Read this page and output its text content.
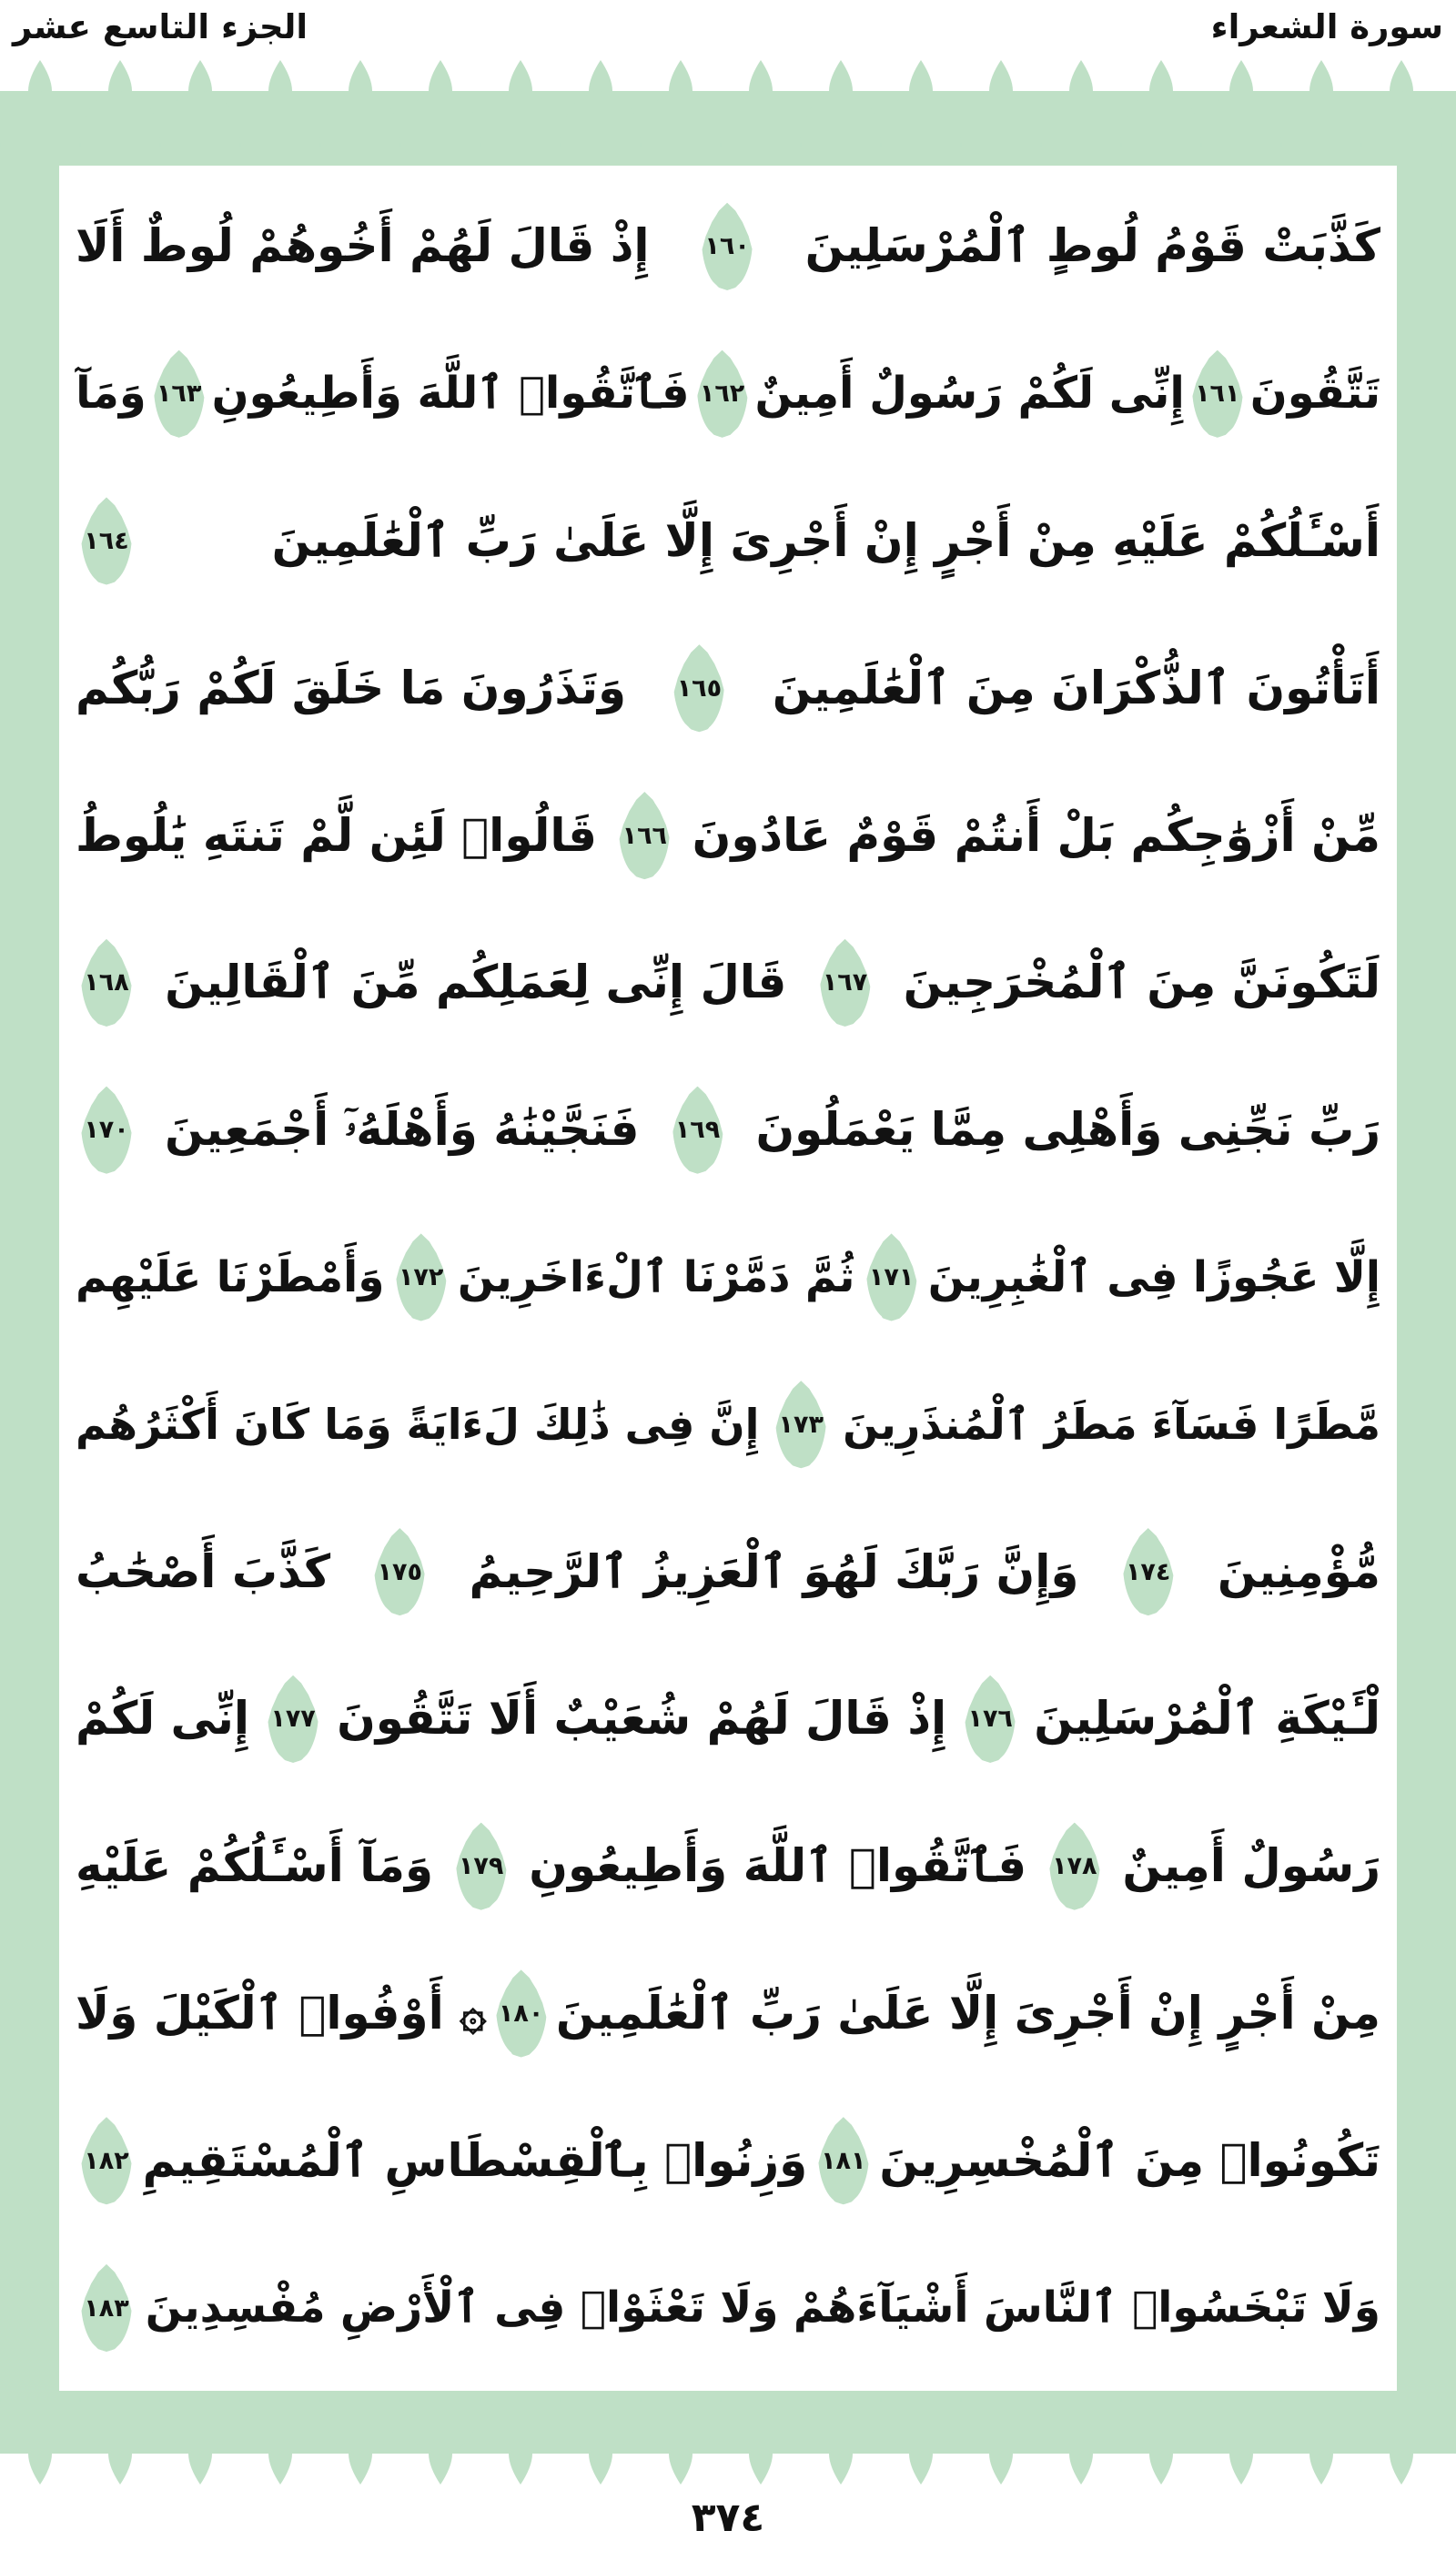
سورة الشعراء
الجزء التاسع عشر
كَذَّبَتْ قَوْمُ لُوطٍ ٱلْمُرْسَلِينَ
١٦٠
إِذْ قَالَ لَهُمْ أَخُوهُمْ لُوطٌ أَلَا
تَتَّقُونَ
١٦١
إِنِّى لَكُمْ رَسُولٌ أَمِينٌ
١٦٢
فَٱتَّقُوا۟ ٱللَّهَ وَأَطِيعُونِ
١٦٣
وَمَآ
أَسْـَٔلُكُمْ عَلَيْهِ مِنْ أَجْرٍ إِنْ أَجْرِىَ إِلَّا عَلَىٰ رَبِّ ٱلْعَٰلَمِينَ
١٦٤
أَتَأْتُونَ ٱلذُّكْرَانَ مِنَ ٱلْعَٰلَمِينَ
١٦٥
وَتَذَرُونَ مَا خَلَقَ لَكُمْ رَبُّكُم
مِّنْ أَزْوَٰجِكُم بَلْ أَنتُمْ قَوْمٌ عَادُونَ
١٦٦
قَالُوا۟ لَئِن لَّمْ تَنتَهِ يَٰلُوطُ
لَتَكُونَنَّ مِنَ ٱلْمُخْرَجِينَ
١٦٧
قَالَ إِنِّى لِعَمَلِكُم مِّنَ ٱلْقَالِينَ
١٦٨
رَبِّ نَجِّنِى وَأَهْلِى مِمَّا يَعْمَلُونَ
١٦٩
فَنَجَّيْنَٰهُ وَأَهْلَهُۥٓ أَجْمَعِينَ
١٧٠
إِلَّا عَجُوزًا فِى ٱلْغَٰبِرِينَ
١٧١
ثُمَّ دَمَّرْنَا ٱلْءَاخَرِينَ
١٧٢
وَأَمْطَرْنَا عَلَيْهِم
مَّطَرًا فَسَآءَ مَطَرُ ٱلْمُنذَرِينَ
١٧٣
إِنَّ فِى ذَٰلِكَ لَءَايَةً وَمَا كَانَ أَكْثَرُهُم
مُّؤْمِنِينَ
١٧٤
وَإِنَّ رَبَّكَ لَهُوَ ٱلْعَزِيزُ ٱلرَّحِيمُ
١٧٥
كَذَّبَ أَصْحَٰبُ
لْـَٔيْكَةِ ٱلْمُرْسَلِينَ
١٧٦
إِذْ قَالَ لَهُمْ شُعَيْبٌ أَلَا تَتَّقُونَ
١٧٧
إِنِّى لَكُمْ
رَسُولٌ أَمِينٌ
١٧٨
فَٱتَّقُوا۟ ٱللَّهَ وَأَطِيعُونِ
١٧٩
وَمَآ أَسْـَٔلُكُمْ عَلَيْهِ
مِنْ أَجْرٍ إِنْ أَجْرِىَ إِلَّا عَلَىٰ رَبِّ ٱلْعَٰلَمِينَ
١٨٠
۞ أَوْفُوا۟ ٱلْكَيْلَ وَلَا
تَكُونُوا۟ مِنَ ٱلْمُخْسِرِينَ
١٨١
وَزِنُوا۟ بِٱلْقِسْطَاسِ ٱلْمُسْتَقِيمِ
١٨٢
وَلَا تَبْخَسُوا۟ ٱلنَّاسَ أَشْيَآءَهُمْ وَلَا تَعْثَوْا۟ فِى ٱلْأَرْضِ مُفْسِدِينَ
١٨٣
٣٧٤
